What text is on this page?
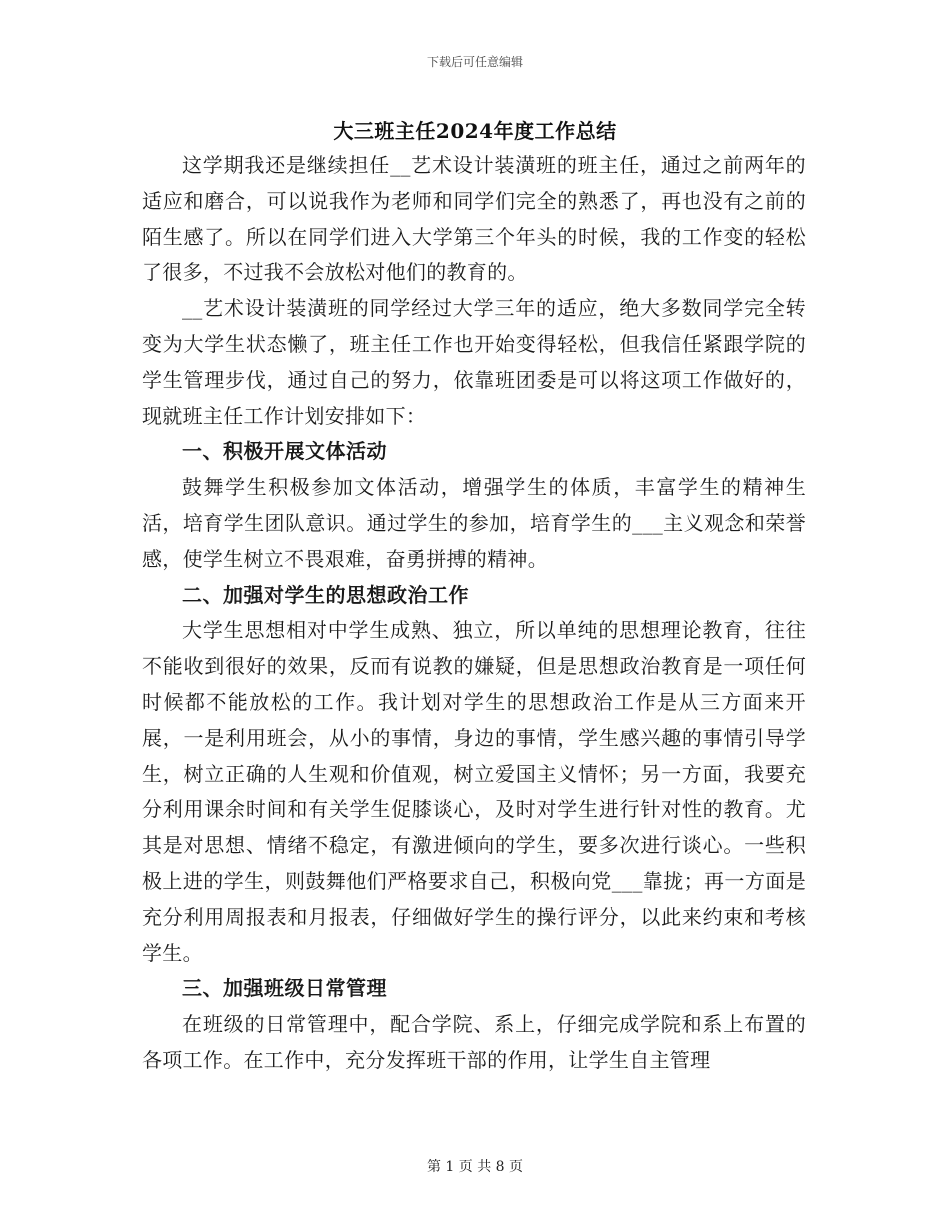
下载后可任意编辑
大三班主任2024年度工作总结

这学期我还是继续担任__艺术设计装潢班的班主任，通过之前两年的适应和磨合，可以说我作为老师和同学们完全的熟悉了，再也没有之前的陌生感了。所以在同学们进入大学第三个年头的时候，我的工作变的轻松了很多，不过我不会放松对他们的教育的。

__艺术设计装潢班的同学经过大学三年的适应，绝大多数同学完全转变为大学生状态懒了，班主任工作也开始变得轻松，但我信任紧跟学院的学生管理步伐，通过自己的努力，依靠班团委是可以将这项工作做好的，现就班主任工作计划安排如下：

一、积极开展文体活动

鼓舞学生积极参加文体活动，增强学生的体质，丰富学生的精神生活，培育学生团队意识。通过学生的参加，培育学生的___主义观念和荣誉感，使学生树立不畏艰难，奋勇拼搏的精神。

二、加强对学生的思想政治工作

大学生思想相对中学生成熟、独立，所以单纯的思想理论教育，往往不能收到很好的效果，反而有说教的嫌疑，但是思想政治教育是一项任何时候都不能放松的工作。我计划对学生的思想政治工作是从三方面来开展，一是利用班会，从小的事情，身边的事情，学生感兴趣的事情引导学生，树立正确的人生观和价值观，树立爱国主义情怀；另一方面，我要充分利用课余时间和有关学生促膝谈心，及时对学生进行针对性的教育。尤其是对思想、情绪不稳定，有激进倾向的学生，要多次进行谈心。一些积极上进的学生，则鼓舞他们严格要求自己，积极向党___靠拢；再一方面是充分利用周报表和月报表，仔细做好学生的操行评分，以此来约束和考核学生。

三、加强班级日常管理

在班级的日常管理中，配合学院、系上，仔细完成学院和系上布置的各项工作。在工作中，充分发挥班干部的作用，让学生自主管理

第 1 页 共 8 页
